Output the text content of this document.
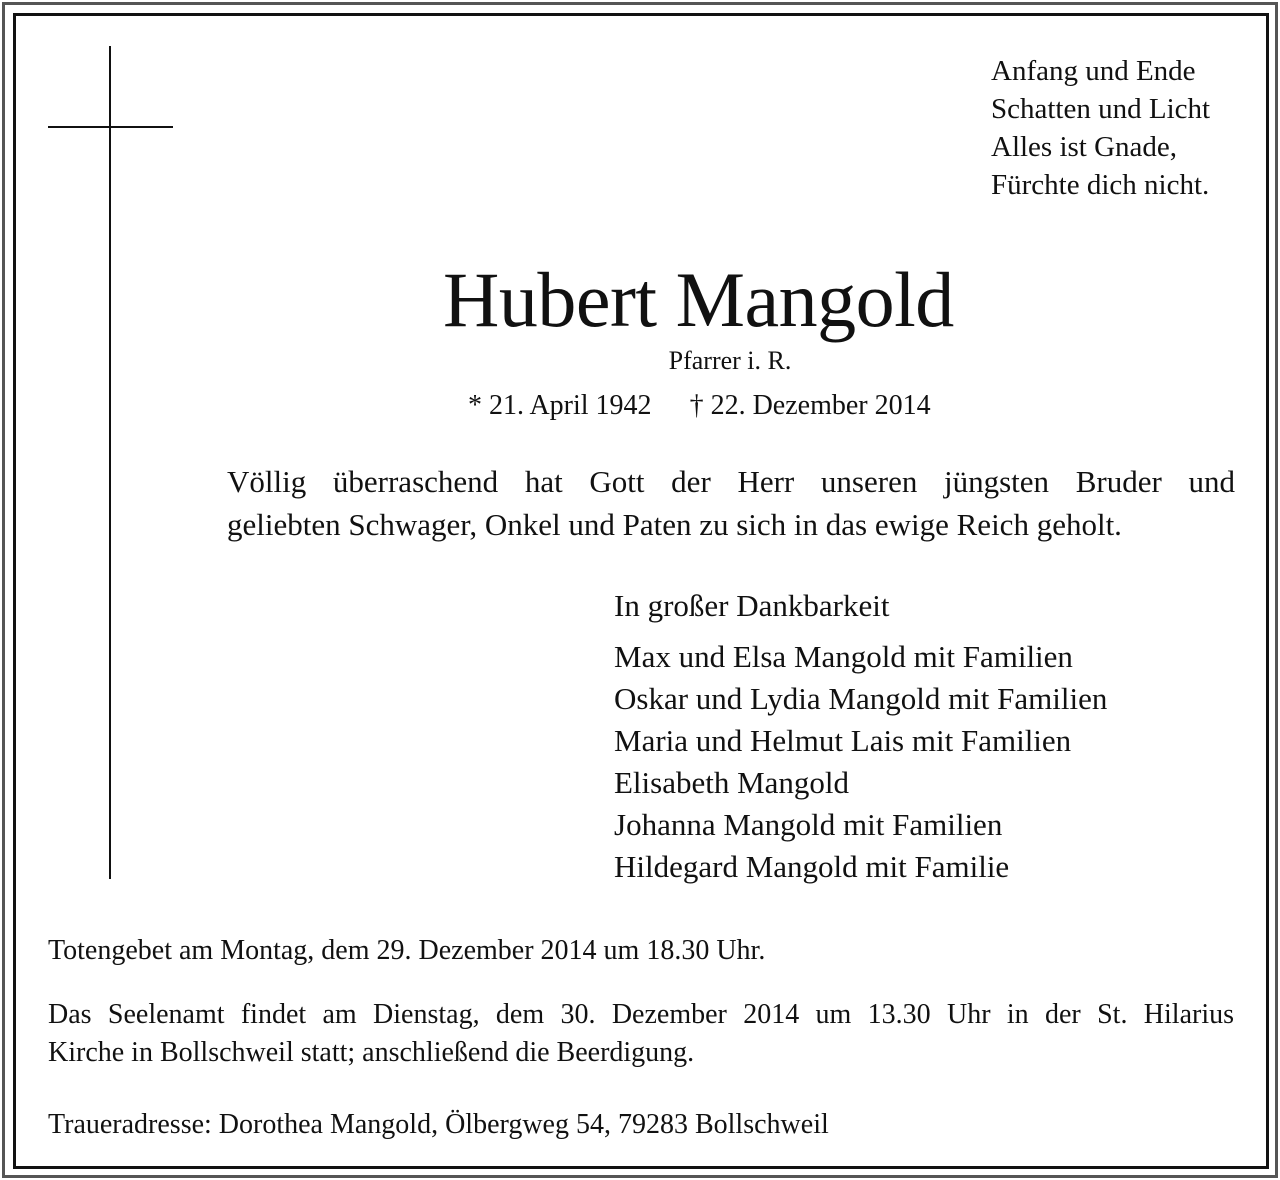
Anfang und Ende
Schatten und Licht
Alles ist Gnade,
Fürchte dich nicht.
Hubert Mangold
Pfarrer i. R.
* 21. April 1942 † 22. Dezember 2014
Völlig überraschend hat Gott der Herr unseren jüngsten Bruder und
geliebten Schwager, Onkel und Paten zu sich in das ewige Reich geholt.
In großer Dankbarkeit
Max und Elsa Mangold mit Familien
Oskar und Lydia Mangold mit Familien
Maria und Helmut Lais mit Familien
Elisabeth Mangold
Johanna Mangold mit Familien
Hildegard Mangold mit Familie
Totengebet am Montag, dem 29. Dezember 2014 um 18.30 Uhr.
Das Seelenamt findet am Dienstag, dem 30. Dezember 2014 um 13.30 Uhr in der St. Hilarius
Kirche in Bollschweil statt; anschließend die Beerdigung.
Traueradresse: Dorothea Mangold, Ölbergweg 54, 79283 Bollschweil
